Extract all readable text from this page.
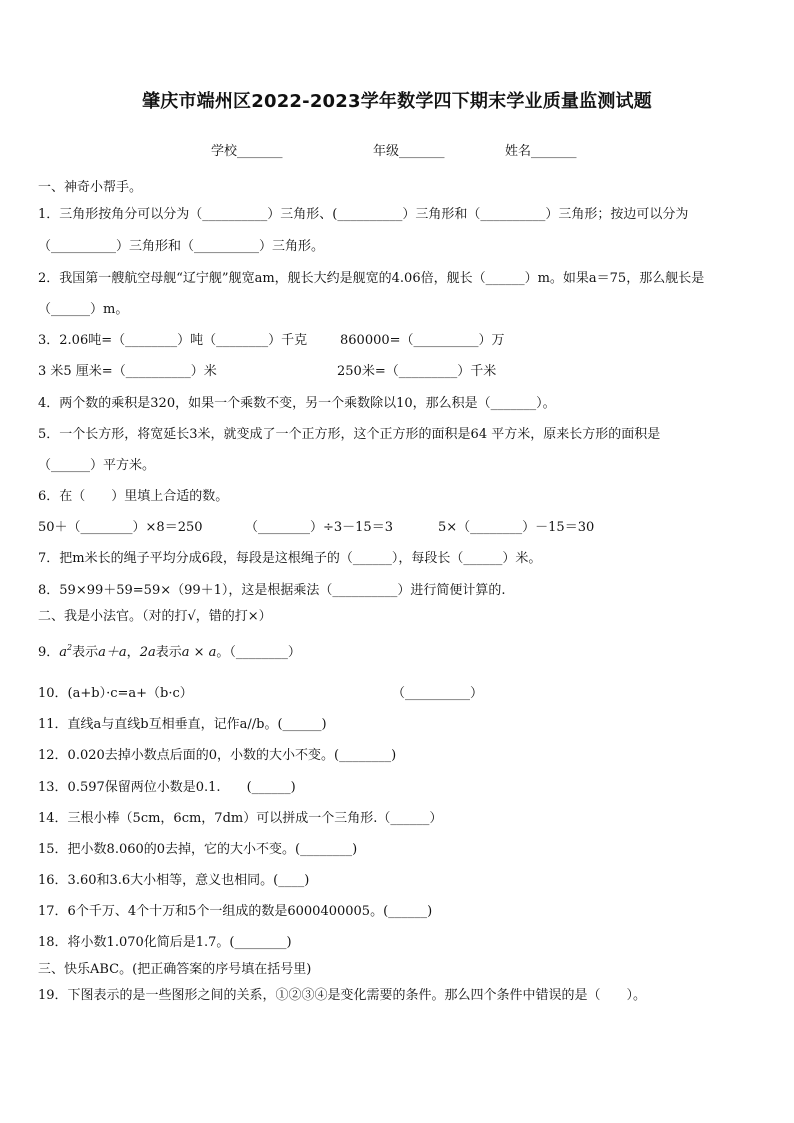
肇庆市端州区2022-2023学年数学四下期末学业质量监测试题
学校_______	年级_______	姓名_______
一、神奇小帮手。
1．三角形按角分可以分为（__________）三角形、(__________）三角形和（__________）三角形；按边可以分为
（__________）三角形和（__________）三角形。
2．我国第一艘航空母舰“辽宁舰”舰宽am，舰长大约是舰宽的4.06倍，舰长（______）m。如果a＝75，那么舰长是
（______）m。
3．2.06吨=（________）吨（________）千克	860000=（__________）万
3 米5 厘米=（__________）米	250米=（_________）千米
4．两个数的乘积是320，如果一个乘数不变，另一个乘数除以10，那么积是（_______）。
5．一个长方形，将宽延长3米，就变成了一个正方形，这个正方形的面积是64 平方米，原来长方形的面积是
（______）平方米。
6．在（　　）里填上合适的数。
50＋（________）×8＝250	（________）÷3－15＝3	5×（________）－15＝30
7．把m米长的绳子平均分成6段，每段是这根绳子的（______），每段长（______）米。
8．59×99＋59=59×（99＋1），这是根据乘法（__________）进行简便计算的.
二、我是小法官。（对的打√，错的打×）
9．$a^2$表示a＋a，2a表示a × a。（________）
10．(a+b）·c=a+（b·c）	（__________）
11．直线a与直线b互相垂直，记作a//b。(______)
12．0.020去掉小数点后面的0，小数的大小不变。(________)
13．0.597保留两位小数是0.1.　　(______)
14．三根小棒（5cm，6cm，7dm）可以拼成一个三角形.（______）
15．把小数8.060的0去掉，它的大小不变。(________)
16．3.60和3.6大小相等，意义也相同。(____)
17．6个千万、4个十万和5个一组成的数是6000400005。(______)
18．将小数1.070化简后是1.7。(________)
三、快乐ABC。(把正确答案的序号填在括号里)
19．下图表示的是一些图形之间的关系，①②③④是变化需要的条件。那么四个条件中错误的是（　　）。
